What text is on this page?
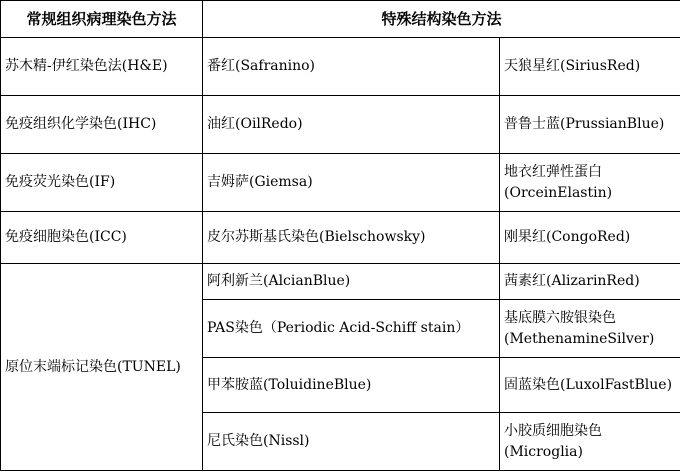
常规组织病理染色方法	特殊结构染色方法	

苏木精-伊红染色法(H&E)	番红(Safranino)	天狼星红(SiriusRed)

免疫组织化学染色(IHC)	油红(OilRedo)	普鲁士蓝(PrussianBlue)

免疫荧光染色(IF)	吉姆萨(Giemsa)	地衣红弹性蛋白(OrceinElastin)

免疫细胞染色(ICC)	皮尔苏斯基氏染色(Bielschowsky)	刚果红(CongoRed)

原位末端标记染色(TUNEL)	阿利新兰(AlcianBlue)	茜素红(AlizarinRed)

	PAS染色（Periodic Acid-Schiff stain）	基底膜六胺银染色(MethenamineSilver)

	甲苯胺蓝(ToluidineBlue)	固蓝染色(LuxolFastBlue)

	尼氏染色(Nissl)	小胶质细胞染色(Microglia)
